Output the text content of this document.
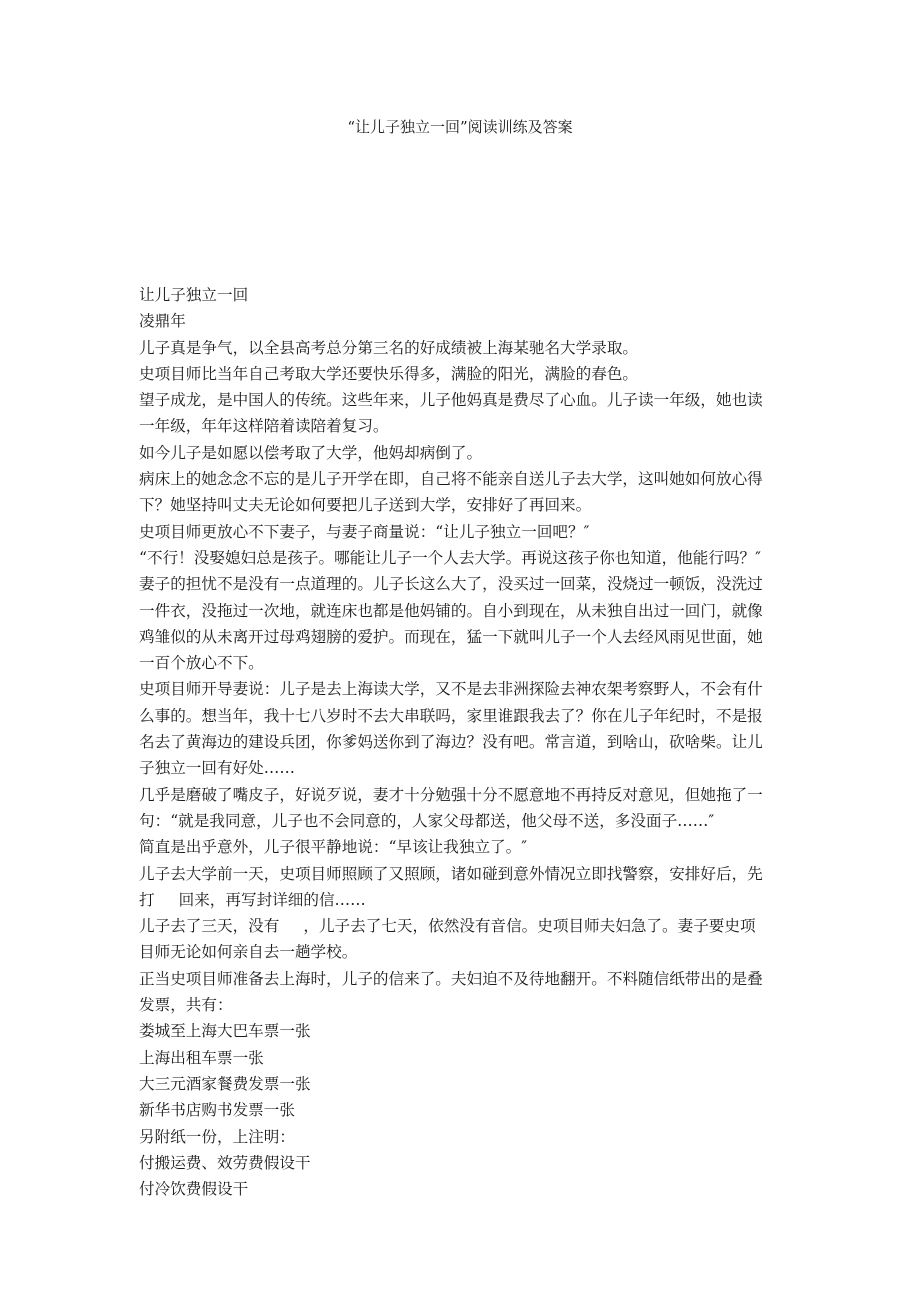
“让儿子独立一回”阅读训练及答案

让儿子独立一回

凌鼎年

儿子真是争气，以全县高考总分第三名的好成绩被上海某驰名大学录取。

史项目师比当年自己考取大学还要快乐得多，满脸的阳光，满脸的春色。

望子成龙，是中国人的传统。这些年来，儿子他妈真是费尽了心血。儿子读一年级，她也读

一年级，年年这样陪着读陪着复习。

如今儿子是如愿以偿考取了大学，他妈却病倒了。

病床上的她念念不忘的是儿子开学在即，自己将不能亲自送儿子去大学，这叫她如何放心得

下？她坚持叫丈夫无论如何要把儿子送到大学，安排好了再回来。

史项目师更放心不下妻子，与妻子商量说：“让儿子独立一回吧？″

“不行！没娶媳妇总是孩子。哪能让儿子一个人去大学。再说这孩子你也知道，他能行吗？″

妻子的担忧不是没有一点道理的。儿子长这么大了，没买过一回菜，没烧过一顿饭，没洗过

一件衣，没拖过一次地，就连床也都是他妈铺的。自小到现在，从未独自出过一回门，就像

鸡雏似的从未离开过母鸡翅膀的爱护。而现在，猛一下就叫儿子一个人去经风雨见世面，她

一百个放心不下。

史项目师开导妻说：儿子是去上海读大学，又不是去非洲探险去神农架考察野人，不会有什

么事的。想当年，我十七八岁时不去大串联吗，家里谁跟我去了？你在儿子年纪时，不是报

名去了黄海边的建设兵团，你爹妈送你到了海边？没有吧。常言道，到啥山，砍啥柴。让儿

子独立一回有好处……

几乎是磨破了嘴皮子，好说歹说，妻才十分勉强十分不愿意地不再持反对意见，但她拖了一

句：“就是我同意，儿子也不会同意的，人家父母都送，他父母不送，多没面子……″

简直是出乎意外，儿子很平静地说：“早该让我独立了。″

儿子去大学前一天，史项目师照顾了又照顾，诸如碰到意外情况立即找警察，安排好后，先

打 回来，再写封详细的信……

儿子去了三天，没有 ，儿子去了七天，依然没有音信。史项目师夫妇急了。妻子要史项

目师无论如何亲自去一趟学校。

正当史项目师准备去上海时，儿子的信来了。夫妇迫不及待地翻开。不料随信纸带出的是叠

发票，共有：

娄城至上海大巴车票一张

上海出租车票一张

大三元酒家餐费发票一张

新华书店购书发票一张

另附纸一份，上注明：

付搬运费、效劳费假设干

付冷饮费假设干
